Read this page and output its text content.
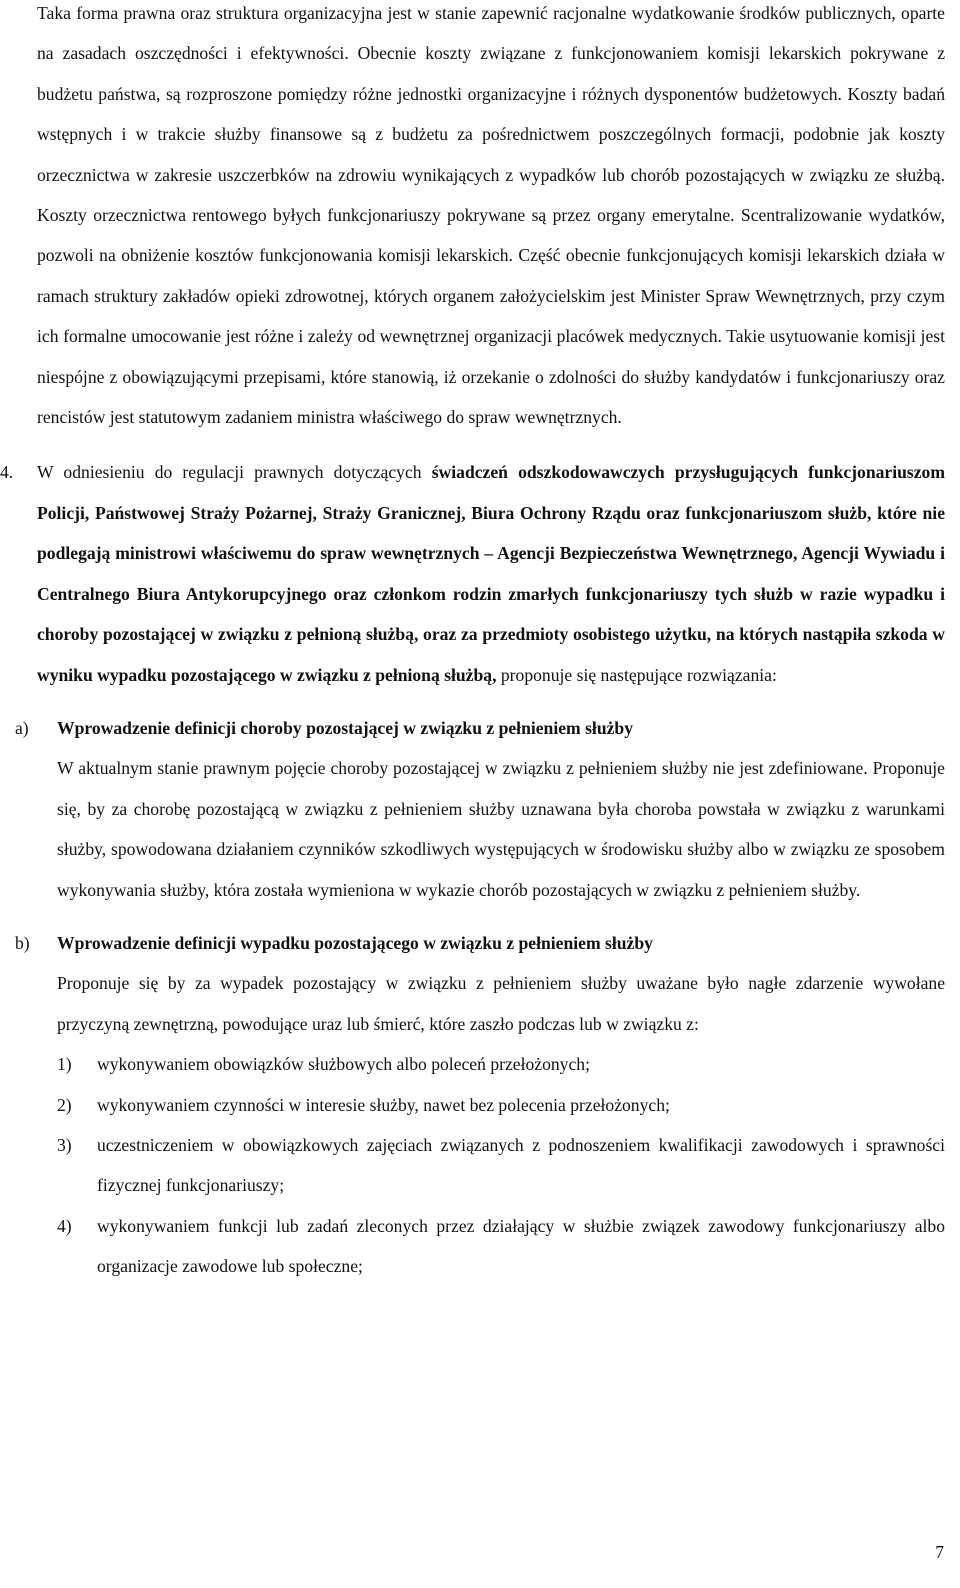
Taka forma prawna oraz struktura organizacyjna jest w stanie zapewnić racjonalne wydatkowanie środków publicznych, oparte na zasadach oszczędności i efektywności. Obecnie koszty związane z funkcjonowaniem komisji lekarskich pokrywane z budżetu państwa, są rozproszone pomiędzy różne jednostki organizacyjne i różnych dysponentów budżetowych. Koszty badań wstępnych i w trakcie służby finansowe są z budżetu za pośrednictwem poszczególnych formacji, podobnie jak koszty orzecznictwa w zakresie uszczerbków na zdrowiu wynikających z wypadków lub chorób pozostających w związku ze służbą. Koszty orzecznictwa rentowego byłych funkcjonariuszy pokrywane są przez organy emerytalne. Scentralizowanie wydatków, pozwoli na obniżenie kosztów funkcjonowania komisji lekarskich. Część obecnie funkcjonujących komisji lekarskich działa w ramach struktury zakładów opieki zdrowotnej, których organem założycielskim jest Minister Spraw Wewnętrznych, przy czym ich formalne umocowanie jest różne i zależy od wewnętrznej organizacji placówek medycznych. Takie usytuowanie komisji jest niespójne z obowiązującymi przepisami, które stanowią, iż orzekanie o zdolności do służby kandydatów i funkcjonariuszy oraz rencistów jest statutowym zadaniem ministra właściwego do spraw wewnętrznych.

4.	W odniesieniu do regulacji prawnych dotyczących świadczeń odszkodowawczych przysługujących funkcjonariuszom Policji, Państwowej Straży Pożarnej, Straży Granicznej, Biura Ochrony Rządu oraz funkcjonariuszom służb, które nie podlegają ministrowi właściwemu do spraw wewnętrznych – Agencji Bezpieczeństwa Wewnętrznego, Agencji Wywiadu i Centralnego Biura Antykorupcyjnego oraz członkom rodzin zmarłych funkcjonariuszy tych służb w razie wypadku i choroby pozostającej w związku z pełnioną służbą, oraz za przedmioty osobistego użytku, na których nastąpiła szkoda w wyniku wypadku pozostającego w związku z pełnioną służbą, proponuje się następujące rozwiązania:

a) Wprowadzenie definicji choroby pozostającej w związku z pełnieniem służby

W aktualnym stanie prawnym pojęcie choroby pozostającej w związku z pełnieniem służby nie jest zdefiniowane. Proponuje się, by za chorobę pozostającą w związku z pełnieniem służby uznawana była choroba powstała w związku z warunkami służby, spowodowana działaniem czynników szkodliwych występujących w środowisku służby albo w związku ze sposobem wykonywania służby, która została wymieniona w wykazie chorób pozostających w związku z pełnieniem służby.

b) Wprowadzenie definicji wypadku pozostającego w związku z pełnieniem służby

Proponuje się by za wypadek pozostający w związku z pełnieniem służby uważane było nagłe zdarzenie wywołane przyczyną zewnętrzną, powodujące uraz lub śmierć, które zaszło podczas lub w związku z:

1) wykonywaniem obowiązków służbowych albo poleceń przełożonych;
2) wykonywaniem czynności w interesie służby, nawet bez polecenia przełożonych;
3) uczestniczeniem w obowiązkowych zajęciach związanych z podnoszeniem kwalifikacji zawodowych i sprawności fizycznej funkcjonariuszy;
4) wykonywaniem funkcji lub zadań zleconych przez działający w służbie związek zawodowy funkcjonariuszy albo organizacje zawodowe lub społeczne;
7
